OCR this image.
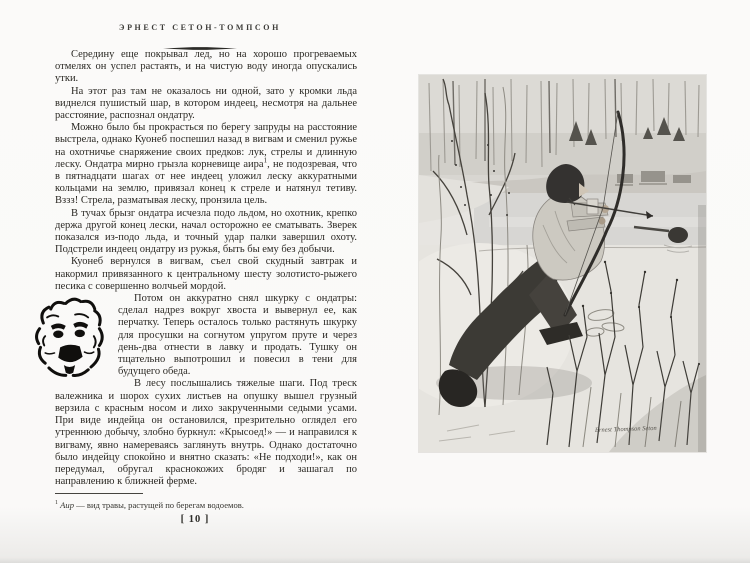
ЭРНЕСТ СЕТОН-ТОМПСОН

Середину еще покрывал лед, но на хорошо прогреваемых отмелях он успел растаять, и на чистую воду иногда опускались утки.

На этот раз там не оказалось ни одной, зато у кромки льда виднелся пушистый шар, в котором индеец, несмотря на дальнее расстояние, распознал ондатру.

Можно было бы прокрасться по берегу запруды на расстояние выстрела, однако Куонеб поспешил назад в вигвам и сменил ружье на охотничье снаряжение своих предков: лук, стрелы и длинную леску. Ондатра мирно грызла корневище аира$^1$, не подозревая, что в пятнадцати шагах от нее индеец уложил леску аккуратными кольцами на землю, привязал конец к стреле и натянул тетиву. Вззз! Стрела, разматывая леску, пронзила цель.

В тучах брызг ондатра исчезла подо льдом, но охотник, крепко держа другой конец лески, начал осторожно ее сматывать. Зверек показался из-подо льда, и точный удар палки завершил охоту. Подстрели индеец ондатру из ружья, быть бы ему без добычи.

Куонеб вернулся в вигвам, съел свой скудный завтрак и накормил привязанного к центральному шесту золотисто-рыжего песика с совершенно волчьей мордой.

Потом он аккуратно снял шкурку с ондатры: сделал надрез вокруг хвоста и вывернул ее, как перчатку. Теперь осталось только растянуть шкурку для просушки на согнутом упругом пруте и через день-два отнести в лавку и продать. Тушку он тщательно выпотрошил и повесил в тени для будущего обеда.

В лесу послышались тяжелые шаги. Под треск валежника и шорох сухих листьев на опушку вышел грузный верзила с красным носом и лихо закрученными седыми усами. При виде индейца он остановился, презрительно оглядел его утреннюю добычу, злобно буркнул: «Крысоед!» — и направился к вигваму, явно намереваясь заглянуть внутрь. Однако достаточно было индейцу спокойно и внятно сказать: «Не подходи!», как он передумал, обругал краснокожих бродяг и зашагал по направлению к ближней ферме.

$^1$ Аир — вид травы, растущей по берегам водоемов.
[ 10 ]
Ernest Thompson Seton
